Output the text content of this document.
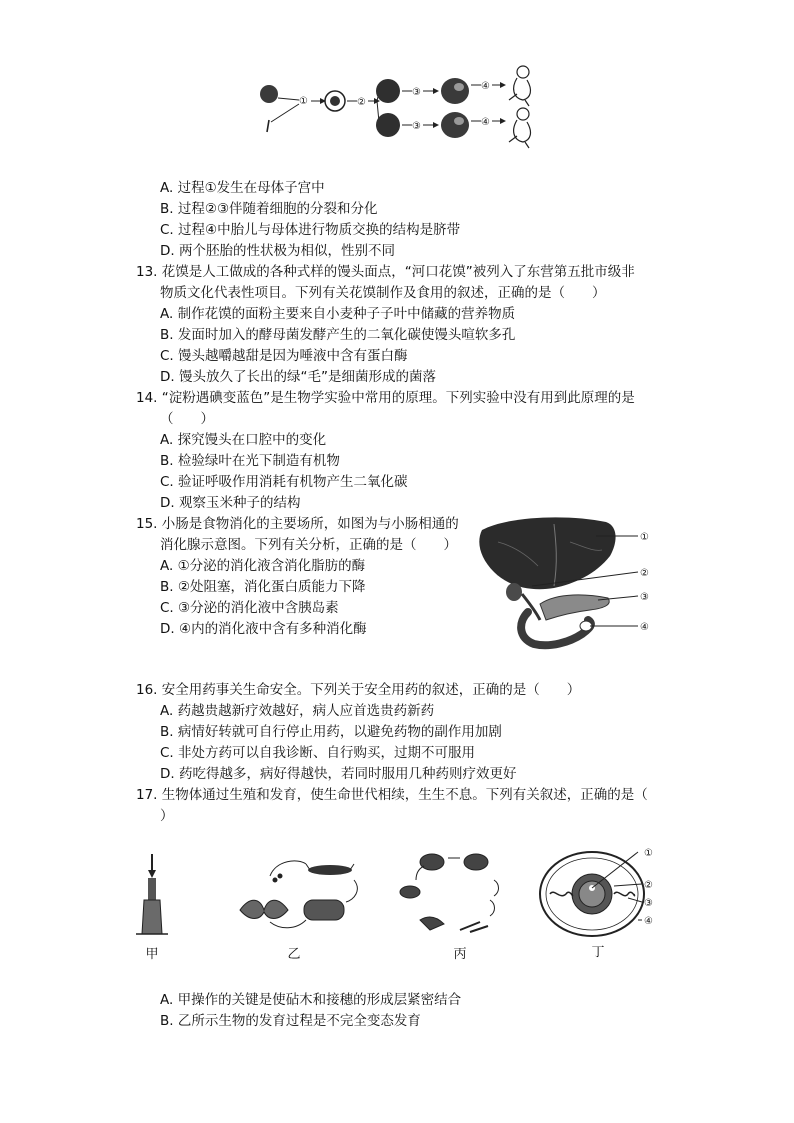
①	②
③
③
④
④
A. 过程①发生在母体子宫中
B. 过程②③伴随着细胞的分裂和分化
C. 过程④中胎儿与母体进行物质交换的结构是脐带
D. 两个胚胎的性状极为相似，性别不同
13. 花馍是人工做成的各种式样的馒头面点，“河口花馍”被列入了东营第五批市级非
物质文化代表性项目。下列有关花馍制作及食用的叙述，正确的是（　　）
A. 制作花馍的面粉主要来自小麦种子子叶中储藏的营养物质
B. 发面时加入的酵母菌发酵产生的二氧化碳使馒头喧软多孔
C. 馒头越嚼越甜是因为唾液中含有蛋白酶
D. 馒头放久了长出的绿“毛”是细菌形成的菌落
14. “淀粉遇碘变蓝色”是生物学实验中常用的原理。下列实验中没有用到此原理的是
（　　）
A. 探究馒头在口腔中的变化
B. 检验绿叶在光下制造有机物
C. 验证呼吸作用消耗有机物产生二氧化碳
D. 观察玉米种子的结构
15. 小肠是食物消化的主要场所，如图为与小肠相通的
消化腺示意图。下列有关分析，正确的是（　　）
A. ①分泌的消化液含消化脂肪的酶
B. ②处阻塞，消化蛋白质能力下降
C. ③分泌的消化液中含胰岛素
D. ④内的消化液中含有多种消化酶
①
②
③
④
16. 安全用药事关生命安全。下列关于安全用药的叙述，正确的是（　　）
A. 药越贵越新疗效越好，病人应首选贵药新药
B. 病情好转就可自行停止用药，以避免药物的副作用加剧
C. 非处方药可以自我诊断、自行购买，过期不可服用
D. 药吃得越多，病好得越快，若同时服用几种药则疗效更好
17. 生物体通过生殖和发育，使生命世代相续，生生不息。下列有关叙述，正确的是（
）
甲	乙	丙
①
②
③
④
丁
A. 甲操作的关键是使砧木和接穗的形成层紧密结合
B. 乙所示生物的发育过程是不完全变态发育
